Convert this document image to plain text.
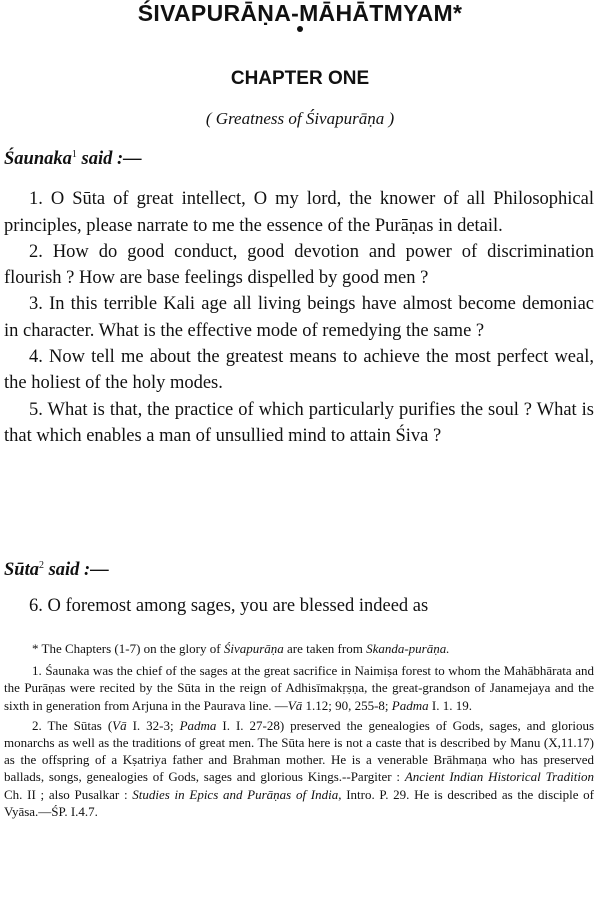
ŚIVAPURĀṆA-MĀHĀTMYAM*
CHAPTER ONE
( Greatness of Śivapurāṇa )
Śaunaka$^1$ said :—

1. O Sūta of great intellect, O my lord, the knower of all Philosophical principles, please narrate to me the essence of the Purāṇas in detail.

2. How do good conduct, good devotion and power of discrimination flourish ? How are base feelings dispelled by good men ?

3. In this terrible Kali age all living beings have almost become demoniac in character. What is the effective mode of remedying the same ?

4. Now tell me about the greatest means to achieve the most perfect weal, the holiest of the holy modes.

5. What is that, the practice of which particularly purifies the soul ? What is that which enables a man of unsullied mind to attain Śiva ?

Sūta$^2$ said :—

6. O foremost among sages, you are blessed indeed as

* The Chapters (1-7) on the glory of Śivapurāṇa are taken from Skanda-purāṇa.

1. Śaunaka was the chief of the sages at the great sacrifice in Naimiṣa forest to whom the Mahābhārata and the Purāṇas were recited by the Sūta in the reign of Adhisīmakṛṣṇa, the great-grandson of Janamejaya and the sixth in generation from Arjuna in the Paurava line. —Vā 1.12; 90, 255-8; Padma I. 1. 19.

2. The Sūtas (Vā I. 32-3; Padma I. I. 27-28) preserved the genealogies of Gods, sages, and glorious monarchs as well as the traditions of great men. The Sūta here is not a caste that is described by Manu (X,11.17) as the offspring of a Kṣatriya father and Brahman mother. He is a venerable Brāhmaṇa who has preserved ballads, songs, genealogies of Gods, sages and glorious Kings.--Pargiter : Ancient Indian Historical Tradition Ch. II ; also Pusalkar : Studies in Epics and Purāṇas of India, Intro. P. 29. He is described as the disciple of Vyāsa.—ŚP. I.4.7.
